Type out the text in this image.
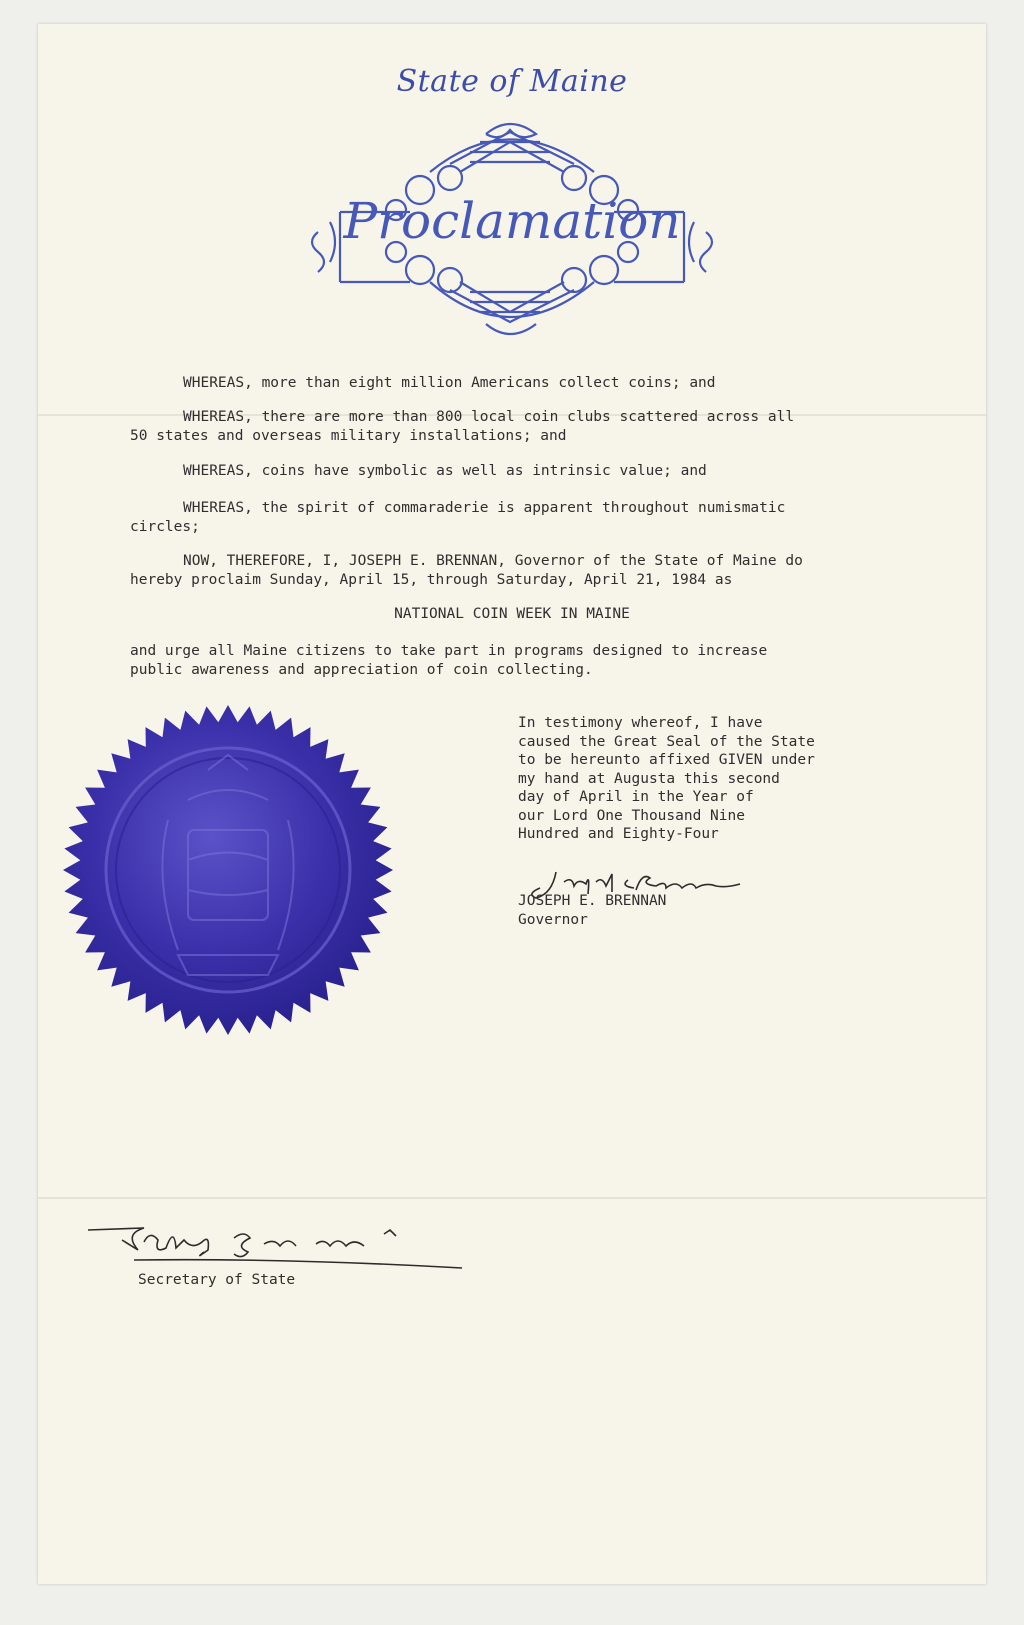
State of Maine
Proclamation
WHEREAS, more than eight million Americans collect coins; and
WHEREAS, there are more than 800 local coin clubs scattered across all
50 states and overseas military installations; and
WHEREAS, coins have symbolic as well as intrinsic value; and
WHEREAS, the spirit of commaraderie is apparent throughout numismatic
circles;
NOW, THEREFORE, I, JOSEPH E. BRENNAN, Governor of the State of Maine do
hereby proclaim Sunday, April 15, through Saturday, April 21, 1984 as
NATIONAL COIN WEEK IN MAINE
and urge all Maine citizens to take part in programs designed to increase
public awareness and appreciation of coin collecting.
In testimony whereof, I have
caused the Great Seal of the State
to be hereunto affixed GIVEN under
my hand at Augusta this second
day of April in the Year of
our Lord One Thousand Nine
Hundred and Eighty-Four
JOSEPH E. BRENNAN
Governor
Secretary of State
